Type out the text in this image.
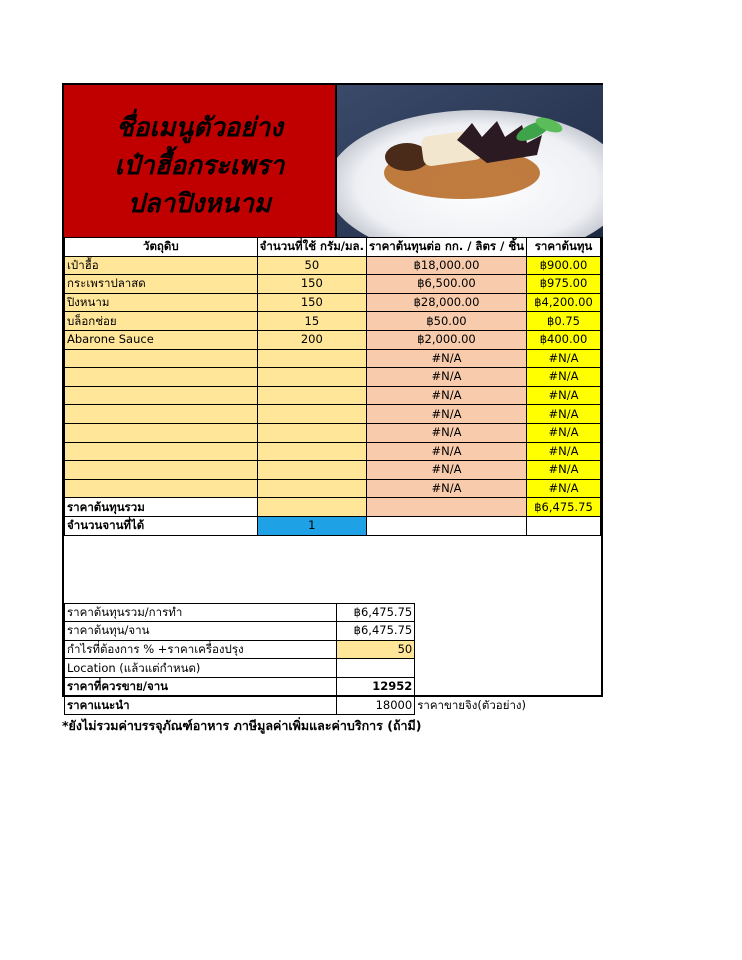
ชื่อเมนูตัวอย่าง
เป๋าฮื้อกระเพรา
ปลาปิงหนาม
วัตถุดิบ	จำนวนที่ใช้ กรัม/มล.	ราคาต้นทุนต่อ กก. / ลิตร / ชิ้น	ราคาต้นทุน
เป๋าฮื้อ	50	฿18,000.00	฿900.00
กระเพราปลาสด	150	฿6,500.00	฿975.00
ปิงหนาม	150	฿28,000.00	฿4,200.00
บล็อกช่อย	15	฿50.00	฿0.75
Abarone Sauce	200	฿2,000.00	฿400.00
		#N/A	#N/A
		#N/A	#N/A
		#N/A	#N/A
		#N/A	#N/A
		#N/A	#N/A
		#N/A	#N/A
		#N/A	#N/A
		#N/A	#N/A
ราคาต้นทุนรวม			฿6,475.75
จำนวนจานที่ได้	1		

ราคาต้นทุนรวม/การทำ	฿6,475.75	
ราคาต้นทุน/จาน	฿6,475.75	
กำไรที่ต้องการ % +ราคาเครื่องปรุง	50	
Location (แล้วแต่กำหนด)		
ราคาที่ควรขาย/จาน	12952	
ราคาแนะนำ	18000	ราคาขายจิง(ตัวอย่าง)
*ยังไม่รวมค่าบรรจุภัณฑ์อาหาร ภาษีมูลค่าเพิ่มและค่าบริการ (ถ้ามี)
